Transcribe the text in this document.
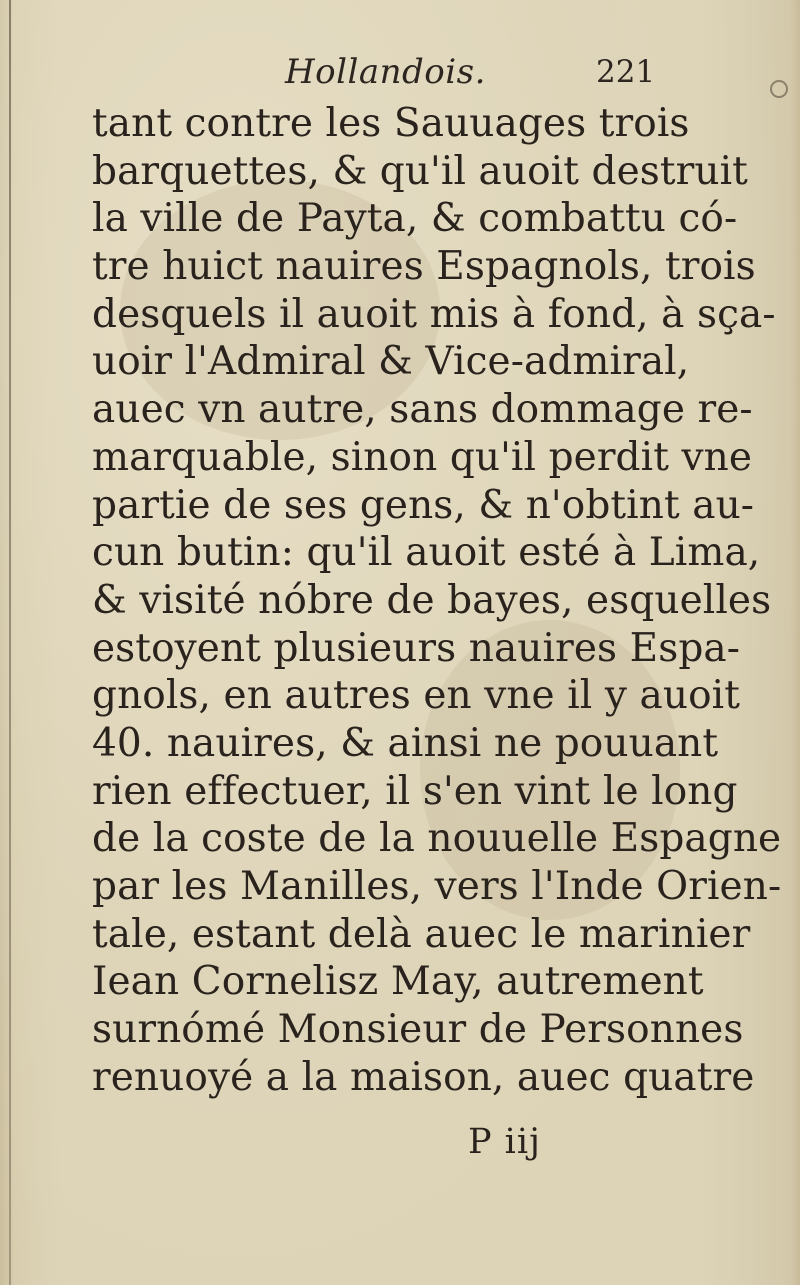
Hollandois.	221
tant contre les Sauuages trois
barquettes, & qu'il auoit destruit
la ville de Payta, & combattu có-
tre huict nauires Espagnols, trois
desquels il auoit mis à fond, à sça-
uoir l'Admiral & Vice-admiral,
auec vn autre, sans dommage re-
marquable, sinon qu'il perdit vne
partie de ses gens, & n'obtint au-
cun butin: qu'il auoit esté à Lima,
& visité nóbre de bayes, esquelles
estoyent plusieurs nauires Espa-
gnols, en autres en vne il y auoit
40. nauires, & ainsi ne pouuant
rien effectuer, il s'en vint le long
de la coste de la nouuelle Espagne
par les Manilles, vers l'Inde Orien-
tale, estant delà auec le marinier
Iean Cornelisz May, autrement
surnómé Monsieur de Personnes
renuoyé a la maison, auec quatre
P iij
